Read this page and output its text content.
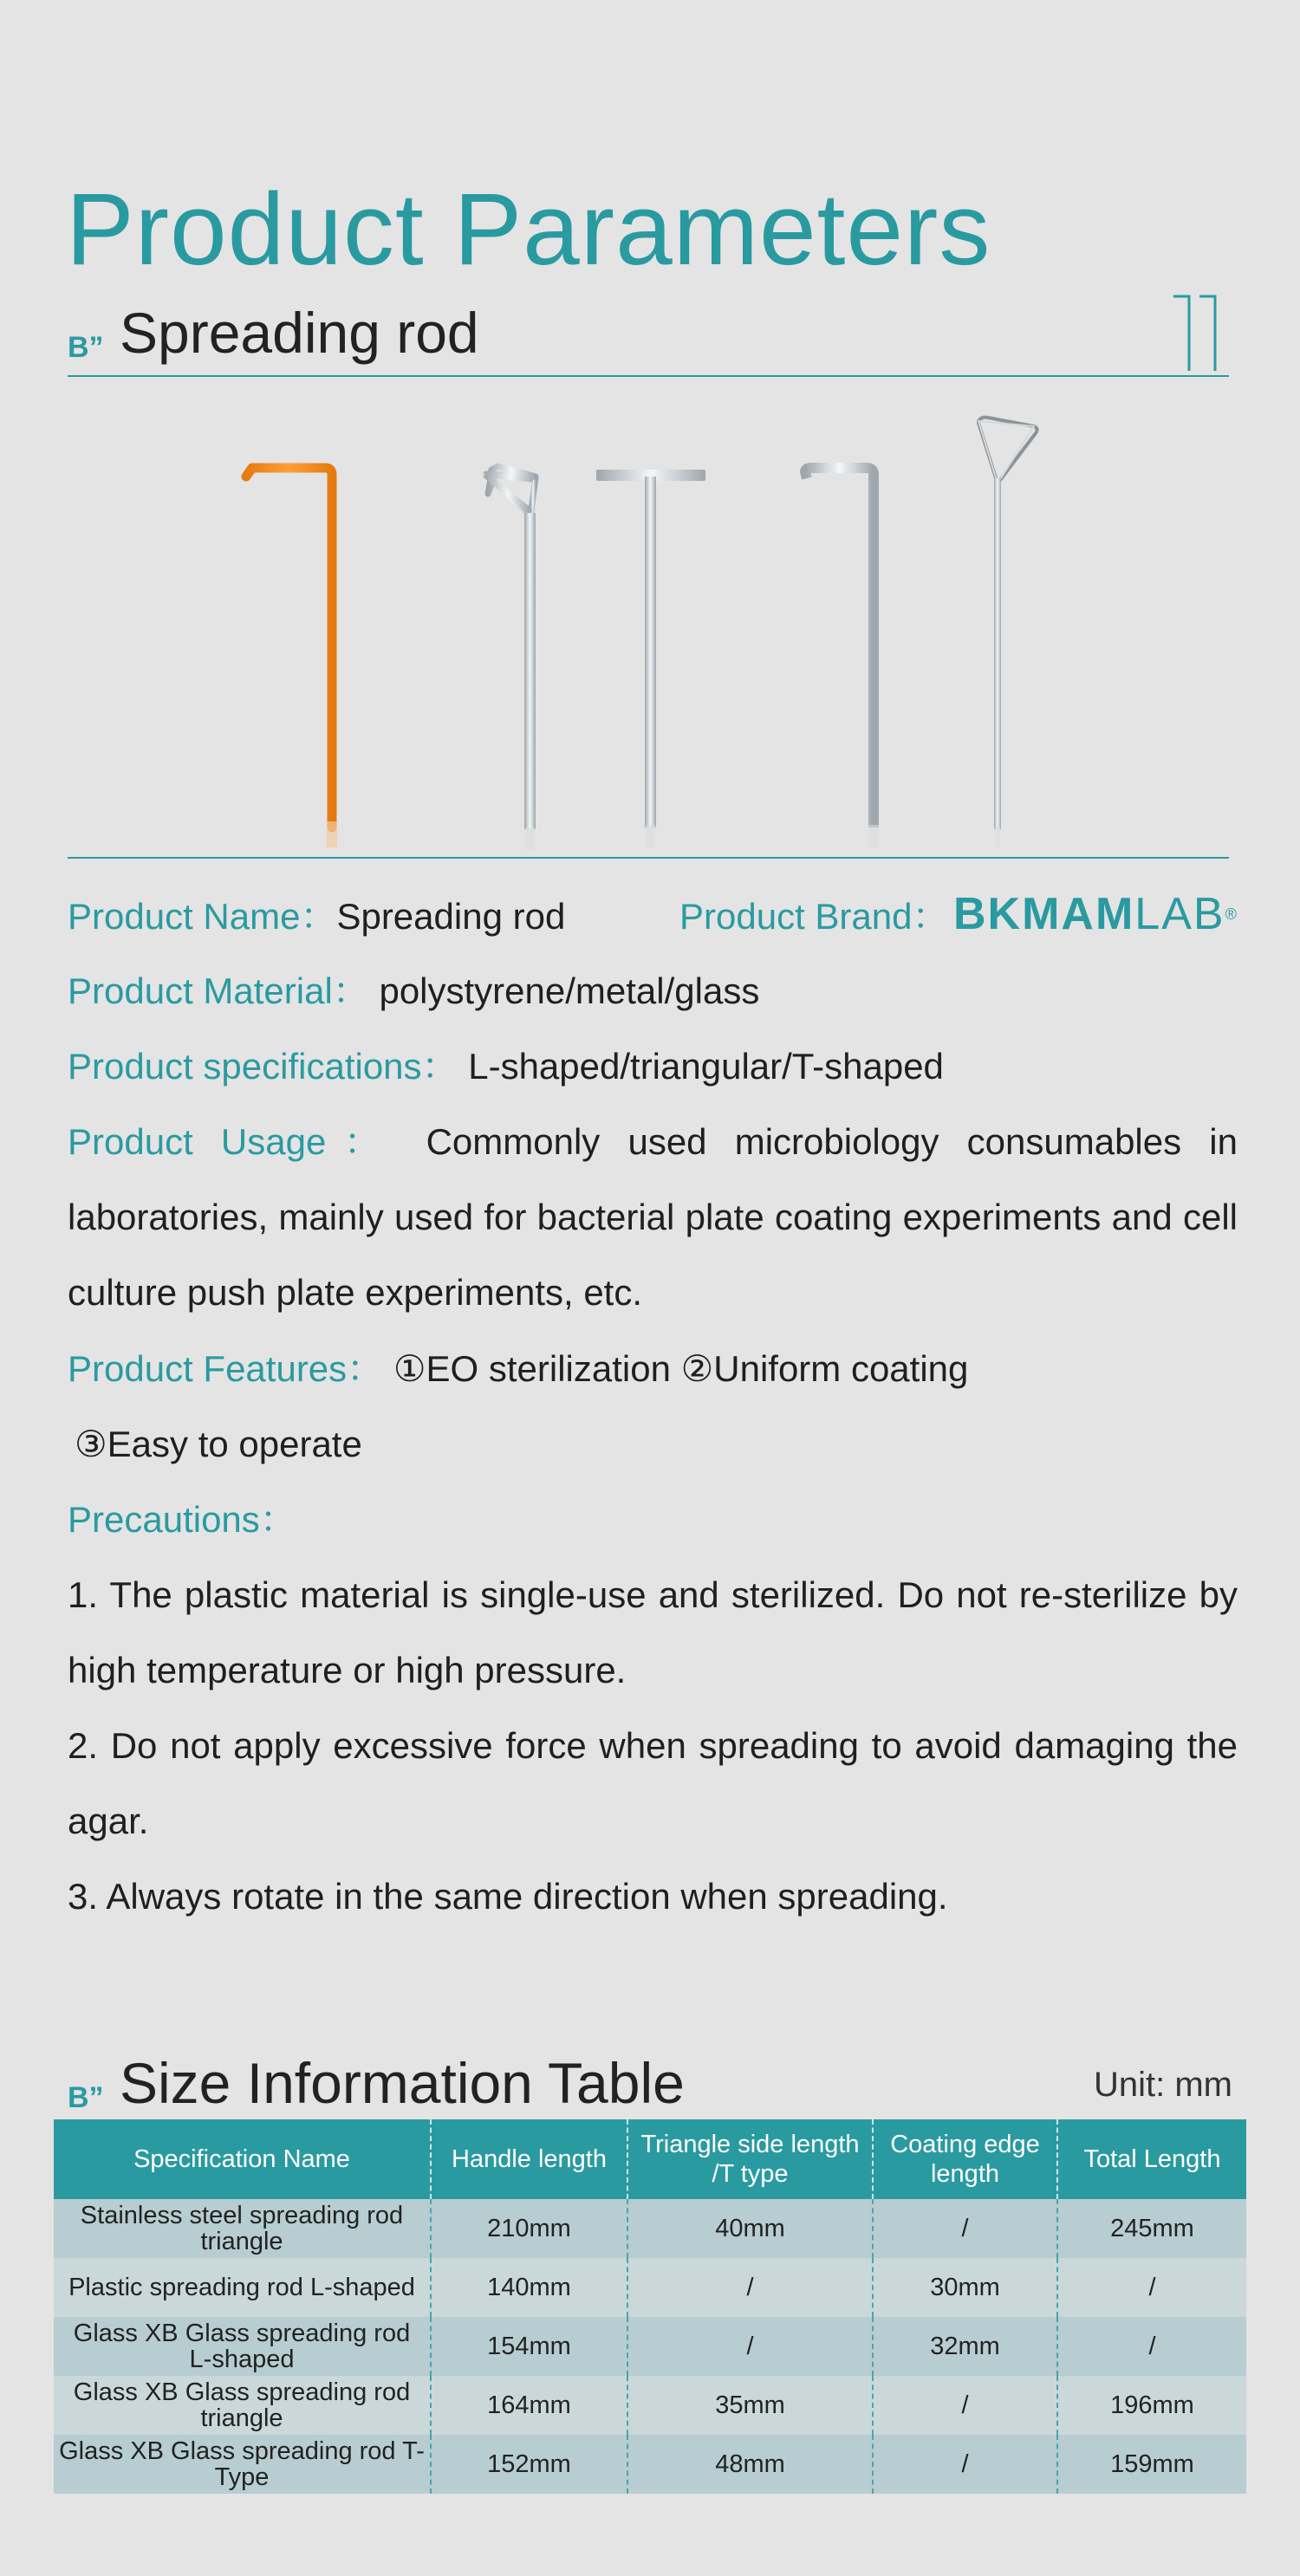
Product Parameters
B” Spreading rod
Product Name：Spreading rod	Product Brand： BKMAMLAB®
Product Material： polystyrene/metal/glass
Product specifications： L-shaped/triangular/T-shaped
Product Usage： Commonly used microbiology consumables in laboratories, mainly used for bacterial plate coating experiments and cell culture push plate experiments, etc.
Product Features： ①EO sterilization ②Uniform coating
③Easy to operate
Precautions：
1. The plastic material is single-use and sterilized. Do not re-sterilize by high temperature or high pressure.
2. Do not apply excessive force when spreading to avoid damaging the agar.
3. Always rotate in the same direction when spreading.
B” Size Information Table	Unit: mm
Specification Name	Handle length	Triangle side length /T type	Coating edge length	Total Length
Stainless steel spreading rod triangle	210mm	40mm	/	245mm
Plastic spreading rod L-shaped	140mm	/	30mm	/
Glass XB Glass spreading rod L-shaped	154mm	/	32mm	/
Glass XB Glass spreading rod triangle	164mm	35mm	/	196mm
Glass XB Glass spreading rod T-Type	152mm	48mm	/	159mm
